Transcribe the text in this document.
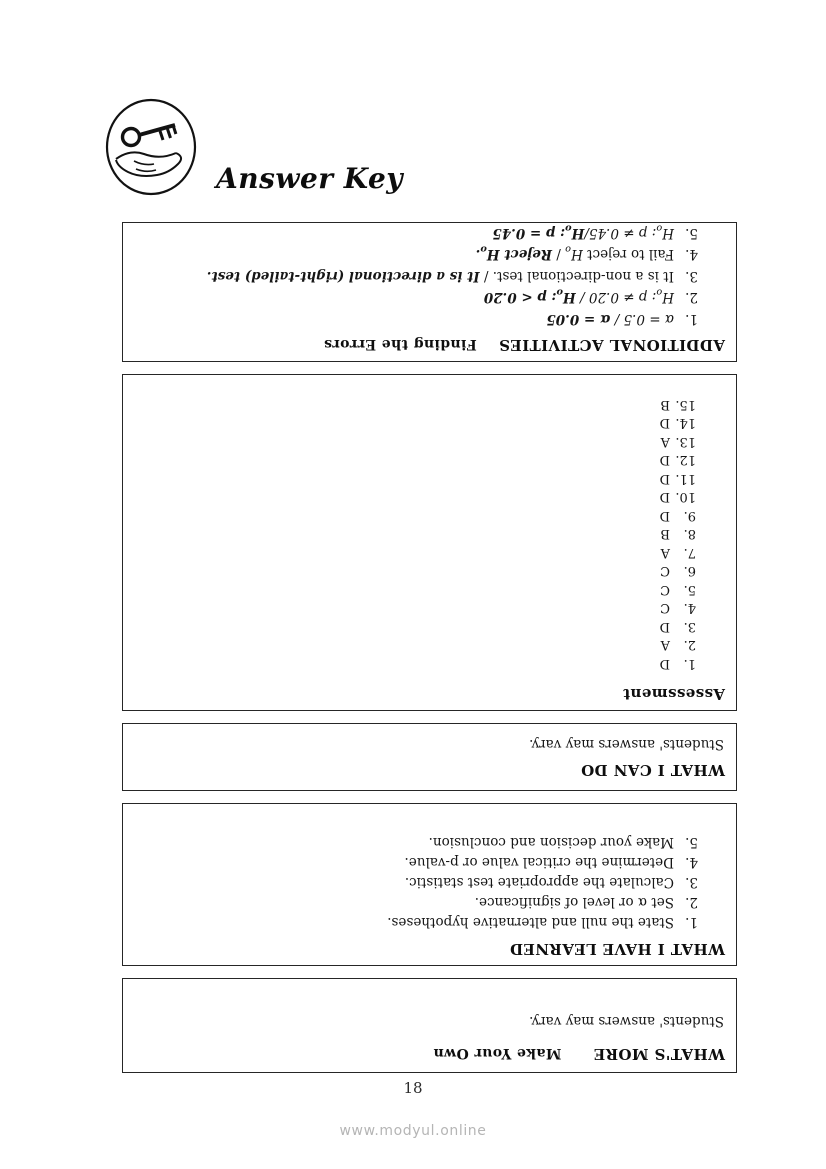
Answer Key
ADDITIONAL ACTIVITIES
Finding the Errors
1.
α = 0.5 / α = 0.05
2.
$H_o$: $p \ne 0.20 / H_o$: p < 0.20
3.
It is a non-directional test. / It is a directional (right-tailed) test.
4.
Fail to reject $H_o$ / Reject $H_o$.
5.
$H_o$: $p \ne 0.45/H_o$: p = 0.45
Assessment
1.
D
2.
A
3.
D
4.
C
5.
C
6.
C
7.
A
8.
B
9.
D
10.
D
11.
D
12.
D
13.
A
14.
D
15.
B
WHAT I CAN DO
Students' answers may vary.
WHAT I HAVE LEARNED
1.
State the null and alternative hypotheses.
2.
Set α or level of significance.
3.
Calculate the appropriate test statistic.
4.
Determine the critical value or p-value.
5.
Make your decision and conclusion.
WHAT'S MORE
Make Your Own
Students' answers may vary.
18
www.modyul.online
